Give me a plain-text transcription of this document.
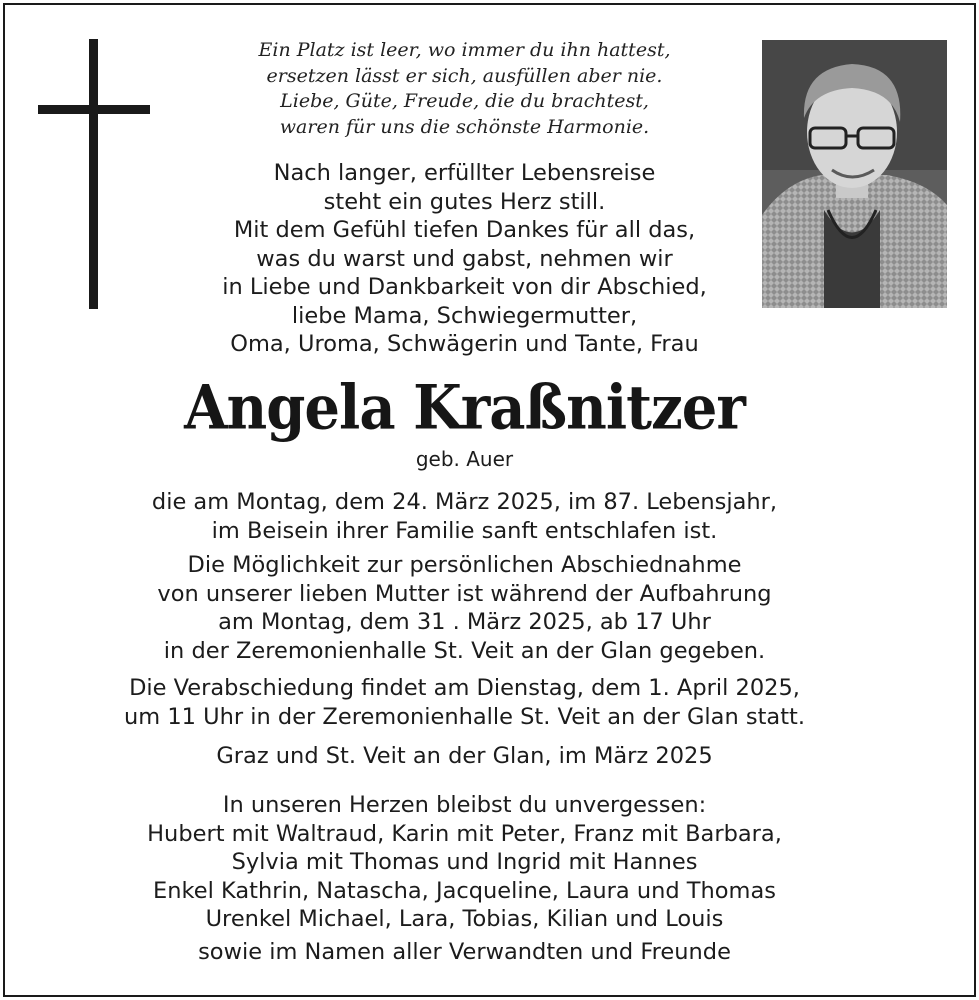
Ein Platz ist leer, wo immer du ihn hattest,
ersetzen lässt er sich, ausfüllen aber nie.
Liebe, Güte, Freude, die du brachtest,
waren für uns die schönste Harmonie.
Nach langer, erfüllter Lebensreise
steht ein gutes Herz still.
Mit dem Gefühl tiefen Dankes für all das,
was du warst und gabst, nehmen wir
in Liebe und Dankbarkeit von dir Abschied,
liebe Mama, Schwiegermutter,
Oma, Uroma, Schwägerin und Tante, Frau
Angela Kraßnitzer
geb. Auer
die am Montag, dem 24. März 2025, im 87. Lebensjahr,
im Beisein ihrer Familie sanft entschlafen ist.
Die Möglichkeit zur persönlichen Abschiednahme
von unserer lieben Mutter ist während der Aufbahrung
am Montag, dem 31 . März 2025, ab 17 Uhr
in der Zeremonienhalle St. Veit an der Glan gegeben.
Die Verabschiedung findet am Dienstag, dem 1. April 2025,
um 11 Uhr in der Zeremonienhalle St. Veit an der Glan statt.
Graz und St. Veit an der Glan, im März 2025
In unseren Herzen bleibst du unvergessen:
Hubert mit Waltraud, Karin mit Peter, Franz mit Barbara,
Sylvia mit Thomas und Ingrid mit Hannes
Enkel Kathrin, Natascha, Jacqueline, Laura und Thomas
Urenkel Michael, Lara, Tobias, Kilian und Louis
sowie im Namen aller Verwandten und Freunde
